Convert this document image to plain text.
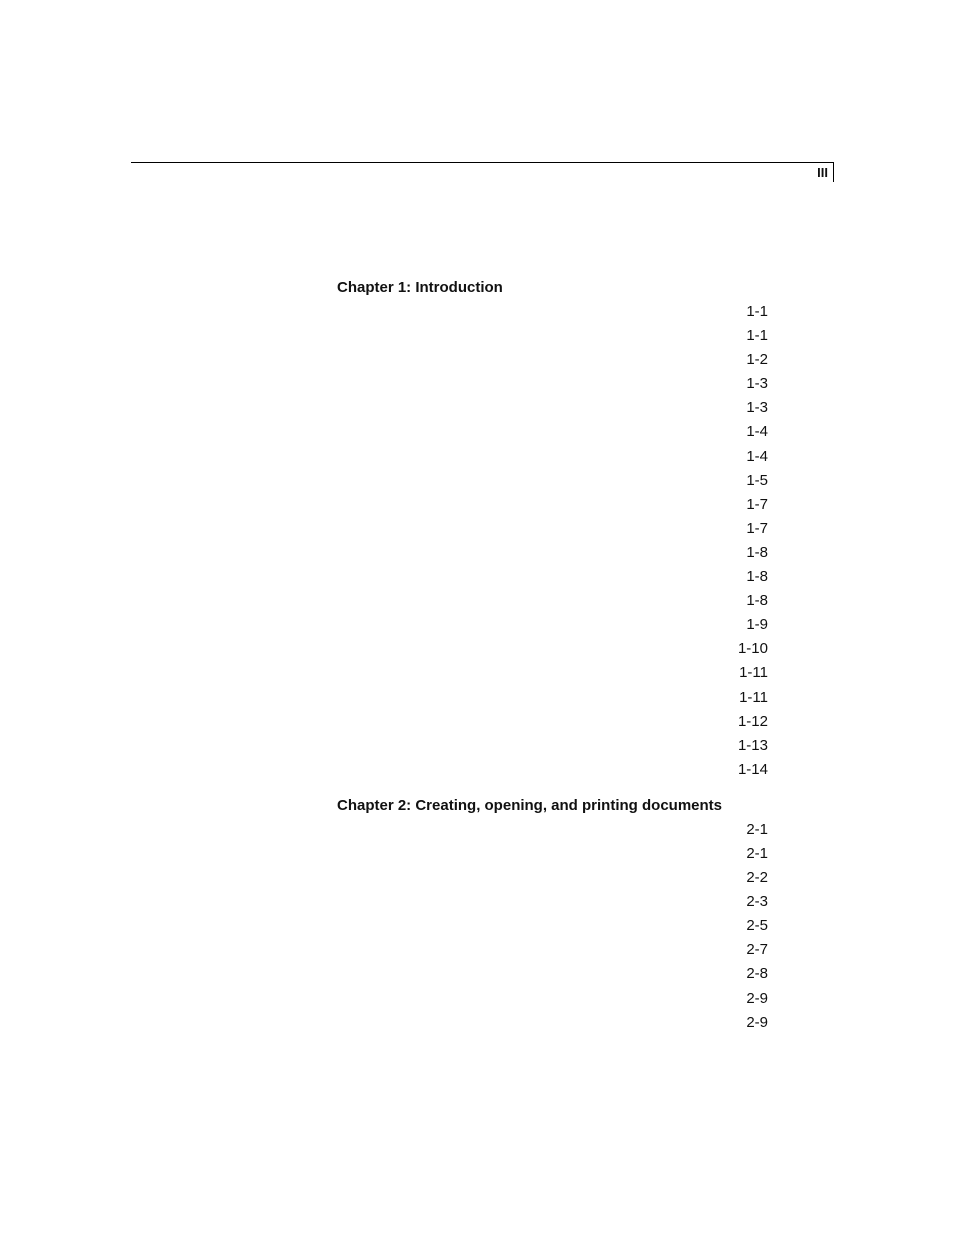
III
Chapter 1: Introduction
1-1
1-1
1-2
1-3
1-3
1-4
1-4
1-5
1-7
1-7
1-8
1-8
1-8
1-9
1-10
1-11
1-11
1-12
1-13
1-14
Chapter 2: Creating, opening, and printing documents
2-1
2-1
2-2
2-3
2-5
2-7
2-8
2-9
2-9
